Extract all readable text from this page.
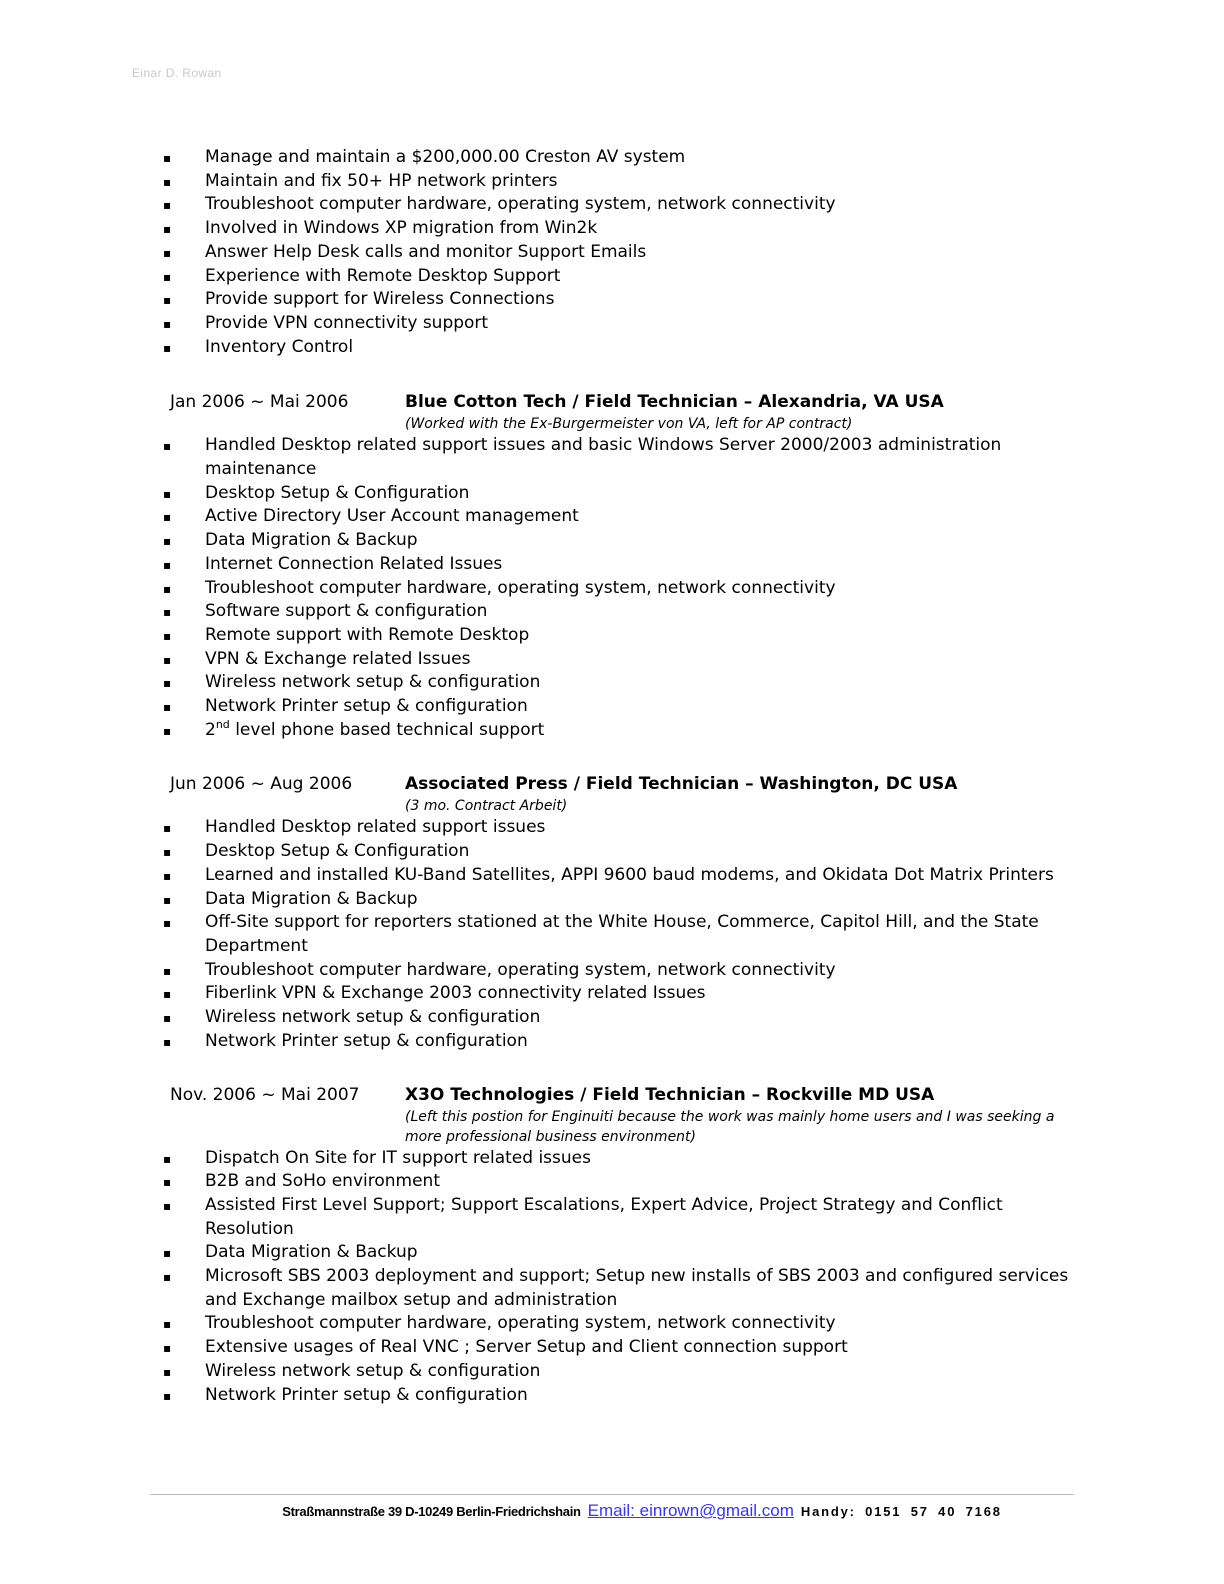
Einar D. Rowan
▪ Manage and maintain a $200,000.00 Creston AV system
▪ Maintain and fix 50+ HP network printers
▪ Troubleshoot computer hardware, operating system, network connectivity
▪ Involved in Windows XP migration from Win2k
▪ Answer Help Desk calls and monitor Support Emails
▪ Experience with Remote Desktop Support
▪ Provide support for Wireless Connections
▪ Provide VPN connectivity support
▪ Inventory Control
Jan 2006 ~ Mai 2006	Blue Cotton Tech / Field Technician – Alexandria, VA USA
(Worked with the Ex-Burgermeister von VA, left for AP contract)
▪ Handled Desktop related support issues and basic Windows Server 2000/2003 administration maintenance
▪ Desktop Setup & Configuration
▪ Active Directory User Account management
▪ Data Migration & Backup
▪ Internet Connection Related Issues
▪ Troubleshoot computer hardware, operating system, network connectivity
▪ Software support & configuration
▪ Remote support with Remote Desktop
▪ VPN & Exchange related Issues
▪ Wireless network setup & configuration
▪ Network Printer setup & configuration
▪ 2nd level phone based technical support
Jun 2006 ~ Aug 2006	Associated Press / Field Technician – Washington, DC USA
(3 mo. Contract Arbeit)
▪ Handled Desktop related support issues
▪ Desktop Setup & Configuration
▪ Learned and installed KU-Band Satellites, APPI 9600 baud modems, and Okidata Dot Matrix Printers
▪ Data Migration & Backup
▪ Off-Site support for reporters stationed at the White House, Commerce, Capitol Hill, and the State Department
▪ Troubleshoot computer hardware, operating system, network connectivity
▪ Fiberlink VPN & Exchange 2003 connectivity related Issues
▪ Wireless network setup & configuration
▪ Network Printer setup & configuration
Nov. 2006 ~ Mai 2007	X3O Technologies / Field Technician – Rockville MD USA
(Left this postion for Enginuiti because the work was mainly home users and I was seeking a more professional business environment)
▪ Dispatch On Site for IT support related issues
▪ B2B and SoHo environment
▪ Assisted First Level Support; Support Escalations, Expert Advice, Project Strategy and Conflict Resolution
▪ Data Migration & Backup
▪ Microsoft SBS 2003 deployment and support; Setup new installs of SBS 2003 and configured services and Exchange mailbox setup and administration
▪ Troubleshoot computer hardware, operating system, network connectivity
▪ Extensive usages of Real VNC ; Server Setup and Client connection support
▪ Wireless network setup & configuration
▪ Network Printer setup & configuration
Straßmannstraße 39 D-10249 Berlin-Friedrichshain Email: einrown@gmail.com Handy: 0151 57 40 7168
